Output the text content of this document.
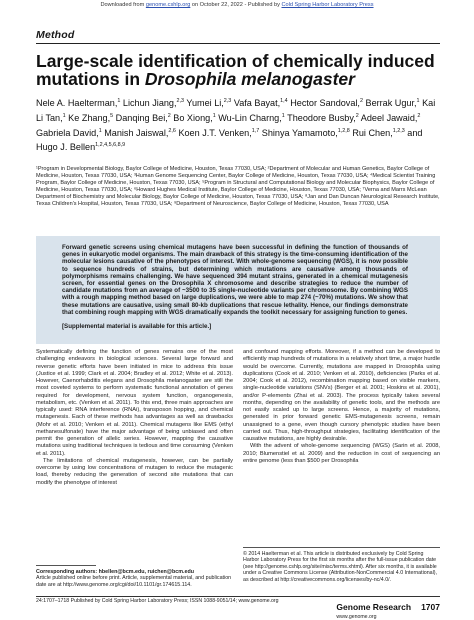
Downloaded from genome.cshlp.org on October 22, 2022 - Published by Cold Spring Harbor Laboratory Press
Method
Large-scale identification of chemically induced mutations in Drosophila melanogaster
Nele A. Haelterman,$^1$ Lichun Jiang,$^{2,3}$ Yumei Li,$^{2,3}$ Vafa Bayat,$^{1,4}$ Hector Sandoval,$^2$ Berrak Ugur,$^1$ Kai Li Tan,$^1$ Ke Zhang,$^5$ Danqing Bei,$^2$ Bo Xiong,$^1$ Wu-Lin Charng,$^1$ Theodore Busby,$^2$ Adeel Jawaid,$^2$ Gabriela David,$^1$ Manish Jaiswal,$^{2,6}$ Koen J.T. Venken,$^{1,7}$ Shinya Yamamoto,$^{1,2,8}$ Rui Chen,$^{1,2,3}$ and Hugo J. Bellen$^{1,2,4,5,6,8,9}$
¹Program in Developmental Biology, Baylor College of Medicine, Houston, Texas 77030, USA; ²Department of Molecular and Human Genetics, Baylor College of Medicine, Houston, Texas 77030, USA; ³Human Genome Sequencing Center, Baylor College of Medicine, Houston, Texas 77030, USA; ⁴Medical Scientist Training Program, Baylor College of Medicine, Houston, Texas 77030, USA; ⁵Program in Structural and Computational Biology and Molecular Biophysics, Baylor College of Medicine, Houston, Texas 77030, USA; ⁶Howard Hughes Medical Institute, Baylor College of Medicine, Houston, Texas 77030, USA; ⁷Verna and Marrs McLean Department of Biochemistry and Molecular Biology, Baylor College of Medicine, Houston, Texas 77030, USA; ⁸Jan and Dan Duncan Neurological Research Institute, Texas Children's Hospital, Houston, Texas 77030, USA; ⁹Department of Neuroscience, Baylor College of Medicine, Houston, Texas 77030, USA
Forward genetic screens using chemical mutagens have been successful in defining the function of thousands of genes in eukaryotic model organisms. The main drawback of this strategy is the time-consuming identification of the molecular lesions causative of the phenotypes of interest. With whole-genome sequencing (WGS), it is now possible to sequence hundreds of strains, but determining which mutations are causative among thousands of polymorphisms remains challenging. We have sequenced 394 mutant strains, generated in a chemical mutagenesis screen, for essential genes on the Drosophila X chromosome and describe strategies to reduce the number of candidate mutations from an average of ~3500 to 35 single-nucleotide variants per chromosome. By combining WGS with a rough mapping method based on large duplications, we were able to map 274 (~70%) mutations. We show that these mutations are causative, using small 80-kb duplications that rescue lethality. Hence, our findings demonstrate that combining rough mapping with WGS dramatically expands the toolkit necessary for assigning function to genes.
[Supplemental material is available for this article.]

Systematically defining the function of genes remains one of the most challenging endeavors in biological sciences. Several large forward and reverse genetic efforts have been initiated in mice to address this issue (Justice et al. 1999; Clark et al. 2004; Bradley et al. 2012; White et al. 2013). However, Caenorhabditis elegans and Drosophila melanogaster are still the most coveted systems to perform systematic functional annotation of genes required for development, nervous system function, organogenesis, metabolism, etc. (Venken et al. 2011). To this end, three main approaches are typically used: RNA interference (RNAi), transposon hopping, and chemical mutagenesis. Each of these methods has advantages as well as drawbacks (Mohr et al. 2010; Venken et al. 2011). Chemical mutagens like EMS (ethyl methanesulfonate) have the major advantage of being unbiased and often permit the generation of allelic series. However, mapping the causative mutations using traditional techniques is tedious and time consuming (Venken et al. 2011).

The limitations of chemical mutagenesis, however, can be partially overcome by using low concentrations of mutagen to reduce the mutagenic load, thereby reducing the generation of second site mutations that can modify the phenotype of interest

and confound mapping efforts. Moreover, if a method can be developed to efficiently map hundreds of mutations in a relatively short time, a major hurdle would be overcome. Currently, mutations are mapped in Drosophila using duplications (Cook et al. 2010; Venken et al. 2010), deficiencies (Parks et al. 2004; Cook et al. 2012), recombination mapping based on visible markers, single-nucleotide variations (SNVs) (Berger et al. 2001; Hoskins et al. 2001), and/or P-elements (Zhai et al. 2003). The process typically takes several months, depending on the availability of genetic tools, and the methods are not easily scaled up to large screens. Hence, a majority of mutations, generated in prior forward genetic EMS-mutagenesis screens, remain unassigned to a gene, even though cursory phenotypic studies have been carried out. Thus, high-throughput strategies, facilitating identification of the causative mutations, are highly desirable.

With the advent of whole-genome sequencing (WGS) (Sarin et al. 2008, 2010; Blumenstiel et al. 2009) and the reduction in cost of sequencing an entire genome (less than $500 per Drosophila

Corresponding authors: hbellen@bcm.edu, ruichen@bcm.edu
Article published online before print. Article, supplemental material, and publication date are at http://www.genome.org/cgi/doi/10.1101/gr.174615.114.
© 2014 Haelterman et al. This article is distributed exclusively by Cold Spring Harbor Laboratory Press for the first six months after the full-issue publication date (see http://genome.cshlp.org/site/misc/terms.xhtml). After six months, it is available under a Creative Commons License (Attribution-NonCommercial 4.0 International), as described at http://creativecommons.org/licenses/by-nc/4.0/.
24:1707–1718 Published by Cold Spring Harbor Laboratory Press; ISSN 1088-9051/14; www.genome.org
Genome Research 1707
www.genome.org
